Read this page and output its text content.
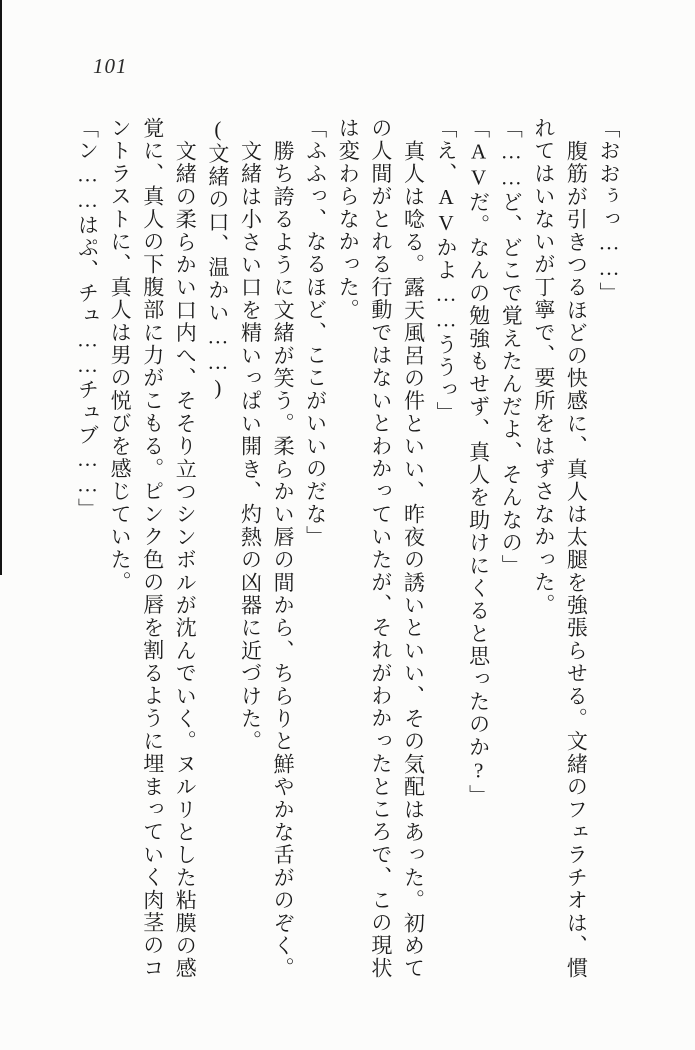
101

「おおぅっ……」

腹筋が引きつるほどの快感に、真人は太腿を強張らせる。文緒のフェラチオは、慣

れてはいないが丁寧で、要所をはずさなかった。

「……ど、どこで覚えたんだよ、そんなの」

「AVだ。なんの勉強もせず、真人を助けにくると思ったのか?」

「え、AVかよ……ううっ」

真人は唸る。露天風呂の件といい、昨夜の誘いといい、その気配はあった。初めて

の人間がとれる行動ではないとわかっていたが、それがわかったところで、この現状

は変わらなかった。

「ふふっ、なるほど、ここがいいのだな」

勝ち誇るように文緒が笑う。柔らかい唇の間から、ちらりと鮮やかな舌がのぞく。

文緒は小さい口を精いっぱい開き、灼熱の凶器に近づけた。

(文緒の口、温かい……)

文緒の柔らかい口内へ、そそり立つシンボルが沈んでいく。ヌルリとした粘膜の感

覚に、真人の下腹部に力がこもる。ピンク色の唇を割るように埋まっていく肉茎のコ

ントラストに、真人は男の悦びを感じていた。

「ン……はぷ、チュ……チュブ……」
